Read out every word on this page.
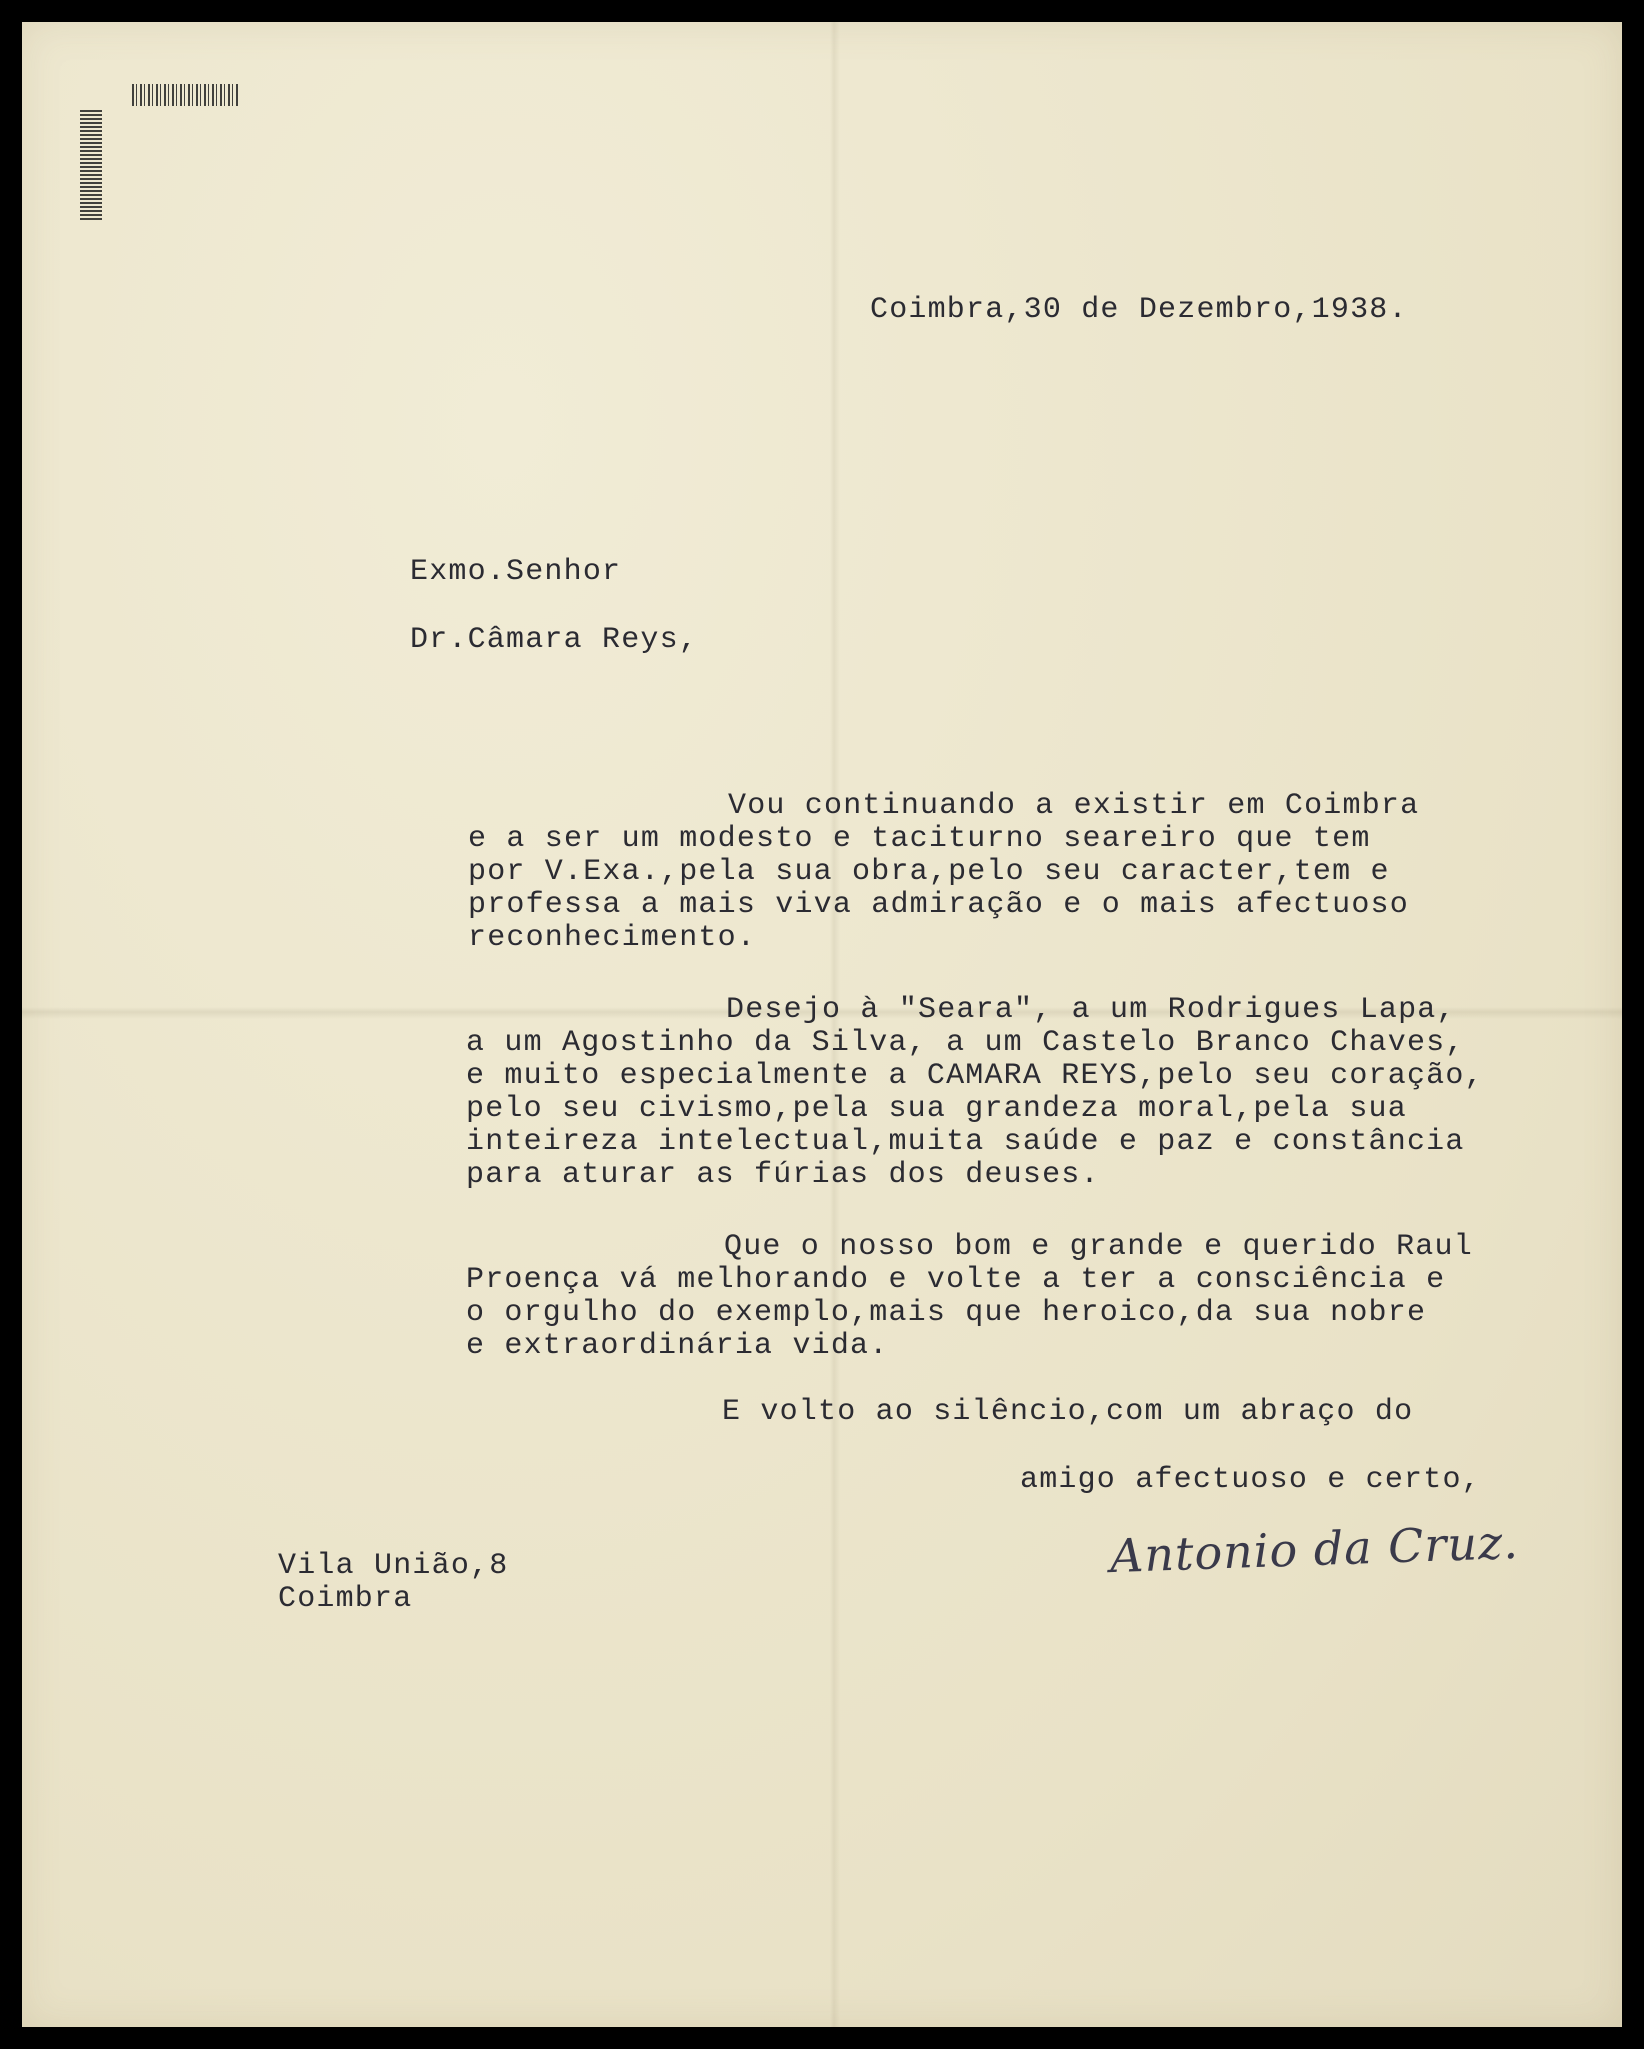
Coimbra,30 de Dezembro,1938.
Exmo.Senhor
Dr.Câmara Reys,
Vou continuando a existir em Coimbra
e a ser um modesto e taciturno seareiro que tem
por V.Exa.,pela sua obra,pelo seu caracter,tem e
professa a mais viva admiração e o mais afectuoso
reconhecimento.
Desejo à "Seara", a um Rodrigues Lapa,
a um Agostinho da Silva, a um Castelo Branco Chaves,
e muito especialmente a CAMARA REYS,pelo seu coração,
pelo seu civismo,pela sua grandeza moral,pela sua
inteireza intelectual,muita saúde e paz e constância
para aturar as fúrias dos deuses.
Que o nosso bom e grande e querido Raul
Proença vá melhorando e volte a ter a consciência e
o orgulho do exemplo,mais que heroico,da sua nobre
e extraordinária vida.
E volto ao silêncio,com um abraço do
amigo afectuoso e certo,
Antonio da Cruz.
Vila União,8
Coimbra
